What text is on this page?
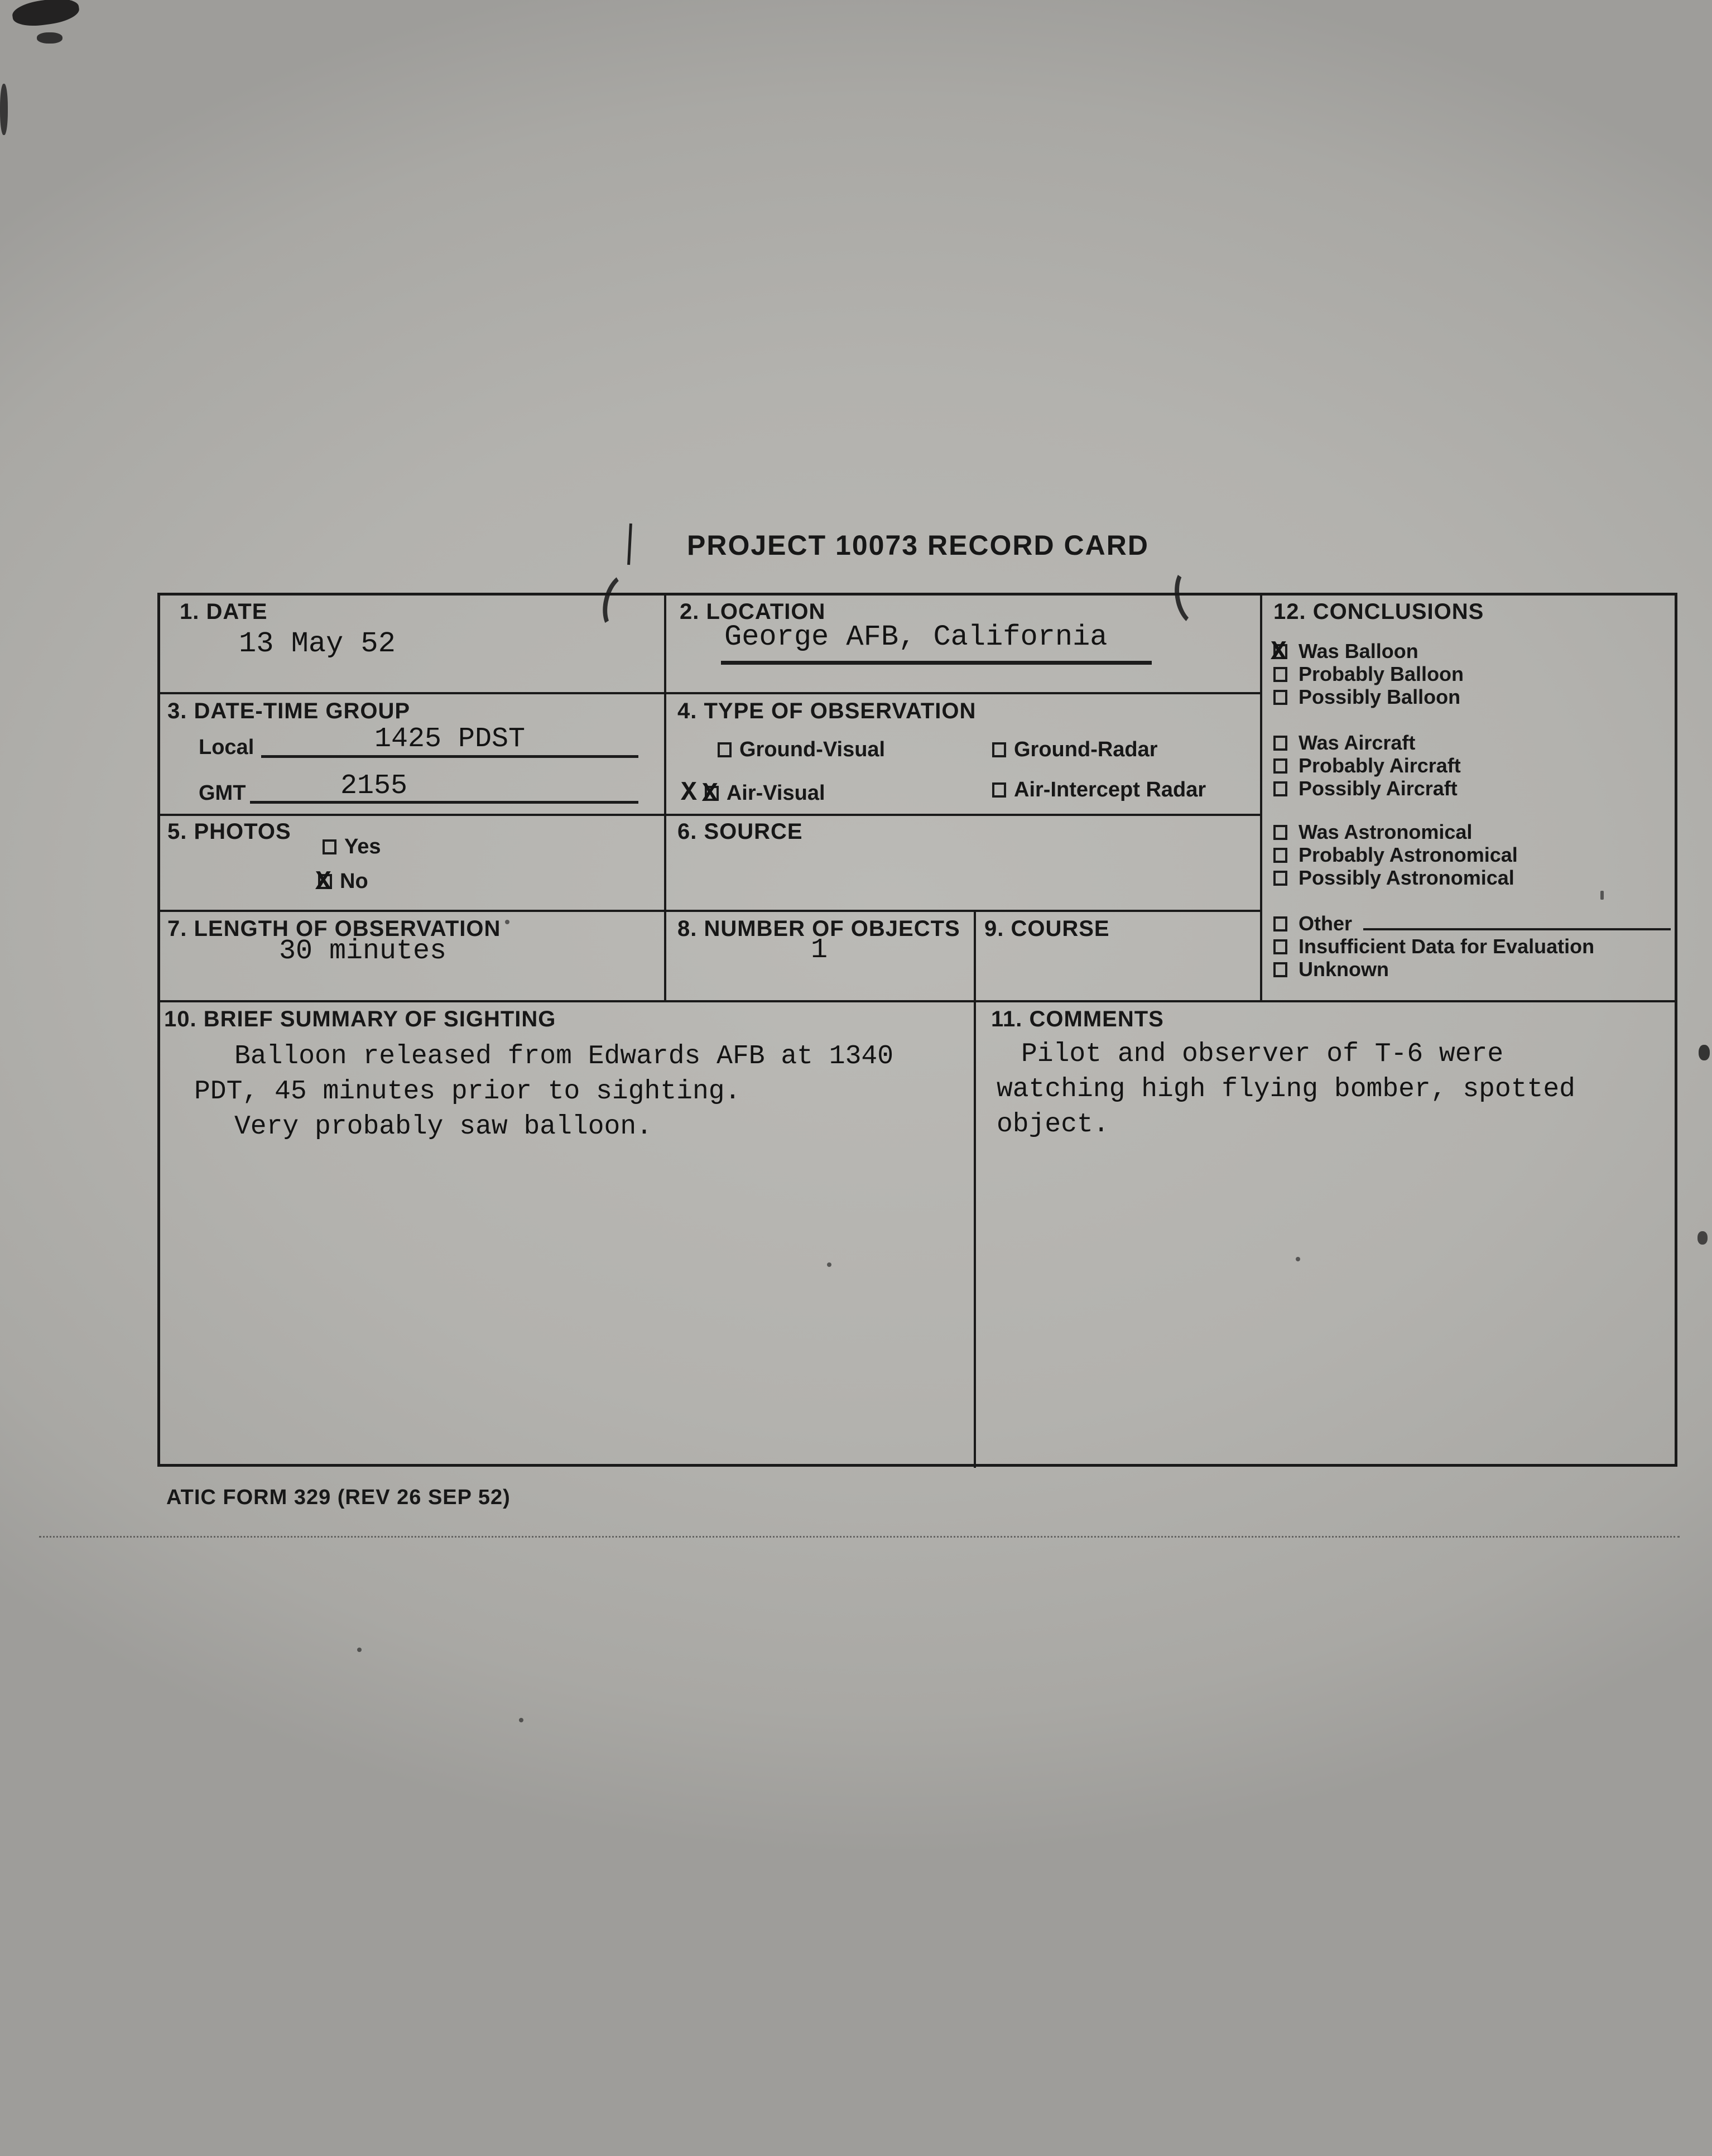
PROJECT 10073 RECORD CARD
1. DATE
13 May 52
2. LOCATION
George AFB, California
3. DATE-TIME GROUP
Local	1425 PDST
GMT	2155
4. TYPE OF OBSERVATION
Ground-Visual	Ground-Radar
X X Air-Visual	Air-Intercept Radar
5. PHOTOS
Yes
X
No
6. SOURCE
7. LENGTH OF OBSERVATION
30 minutes
8. NUMBER OF OBJECTS
1
9. COURSE
10. BRIEF SUMMARY OF SIGHTING
Balloon released from Edwards AFB at 1340
PDT, 45 minutes prior to sighting.
Very probably saw balloon.
11. COMMENTS
Pilot and observer of T-6 were
watching high flying bomber, spotted
object.
12. CONCLUSIONS
X
Was Balloon
Probably Balloon
Possibly Balloon
Was Aircraft
Probably Aircraft
Possibly Aircraft
Was Astronomical
Probably Astronomical
Possibly Astronomical
Other
Insufficient Data for Evaluation
Unknown
ATIC FORM 329 (REV 26 SEP 52)
